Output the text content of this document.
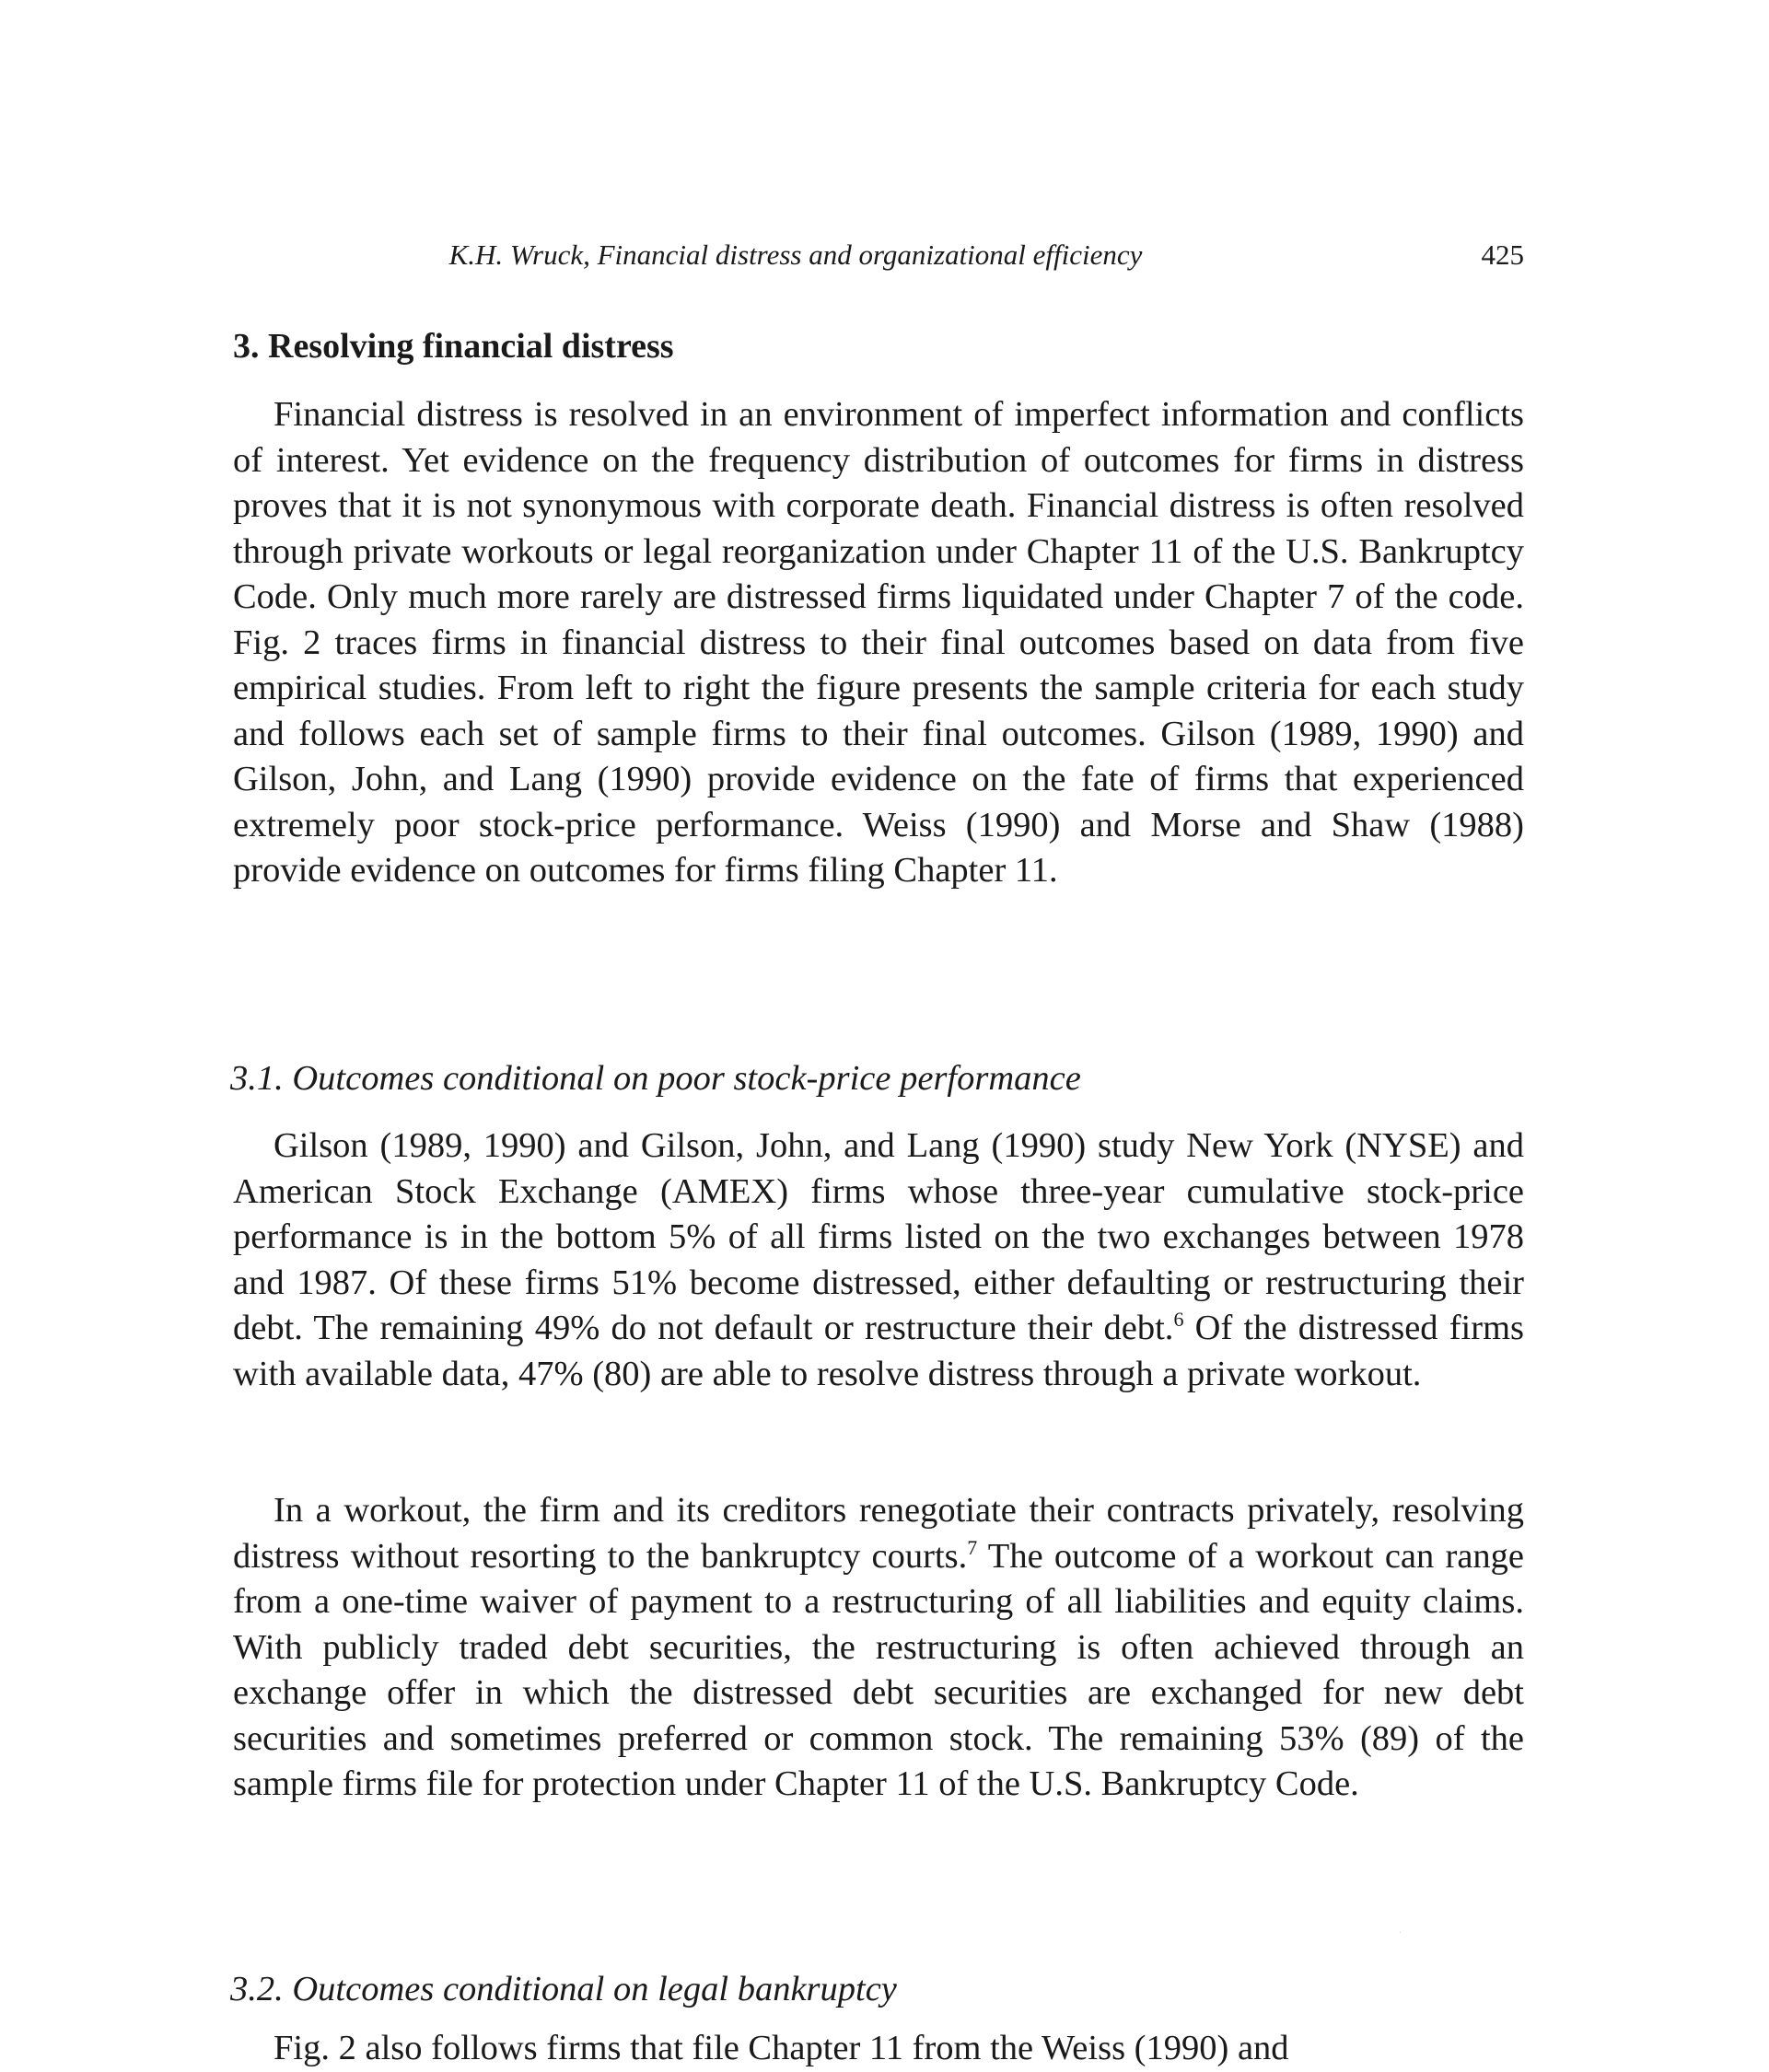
K.H. Wruck, Financial distress and organizational efficiency	425
3. Resolving financial distress

Financial distress is resolved in an environment of imperfect information and conflicts of interest. Yet evidence on the frequency distribution of outcomes for firms in distress proves that it is not synonymous with corporate death. Financial distress is often resolved through private workouts or legal reorganization under Chapter 11 of the U.S. Bankruptcy Code. Only much more rarely are distressed firms liquidated under Chapter 7 of the code. Fig. 2 traces firms in financial distress to their final outcomes based on data from five empirical studies. From left to right the figure presents the sample criteria for each study and follows each set of sample firms to their final outcomes. Gilson (1989, 1990) and Gilson, John, and Lang (1990) provide evidence on the fate of firms that experienced extremely poor stock-price performance. Weiss (1990) and Morse and Shaw (1988) provide evidence on outcomes for firms filing Chapter 11.

3.1. Outcomes conditional on poor stock-price performance

Gilson (1989, 1990) and Gilson, John, and Lang (1990) study New York (NYSE) and American Stock Exchange (AMEX) firms whose three-year cumulative stock-price performance is in the bottom 5% of all firms listed on the two exchanges between 1978 and 1987. Of these firms 51% become distressed, either defaulting or restructuring their debt. The remaining 49% do not default or restructure their debt.$^6$ Of the distressed firms with available data, 47% (80) are able to resolve distress through a private workout.

In a workout, the firm and its creditors renegotiate their contracts privately, resolving distress without resorting to the bankruptcy courts.$^7$ The outcome of a workout can range from a one-time waiver of payment to a restructuring of all liabilities and equity claims. With publicly traded debt securities, the restructuring is often achieved through an exchange offer in which the distressed debt securities are exchanged for new debt securities and sometimes preferred or common stock. The remaining 53% (89) of the sample firms file for protection under Chapter 11 of the U.S. Bankruptcy Code.

3.2. Outcomes conditional on legal bankruptcy
Fig. 2 also follows firms that file Chapter 11 from the Weiss (1990) and
